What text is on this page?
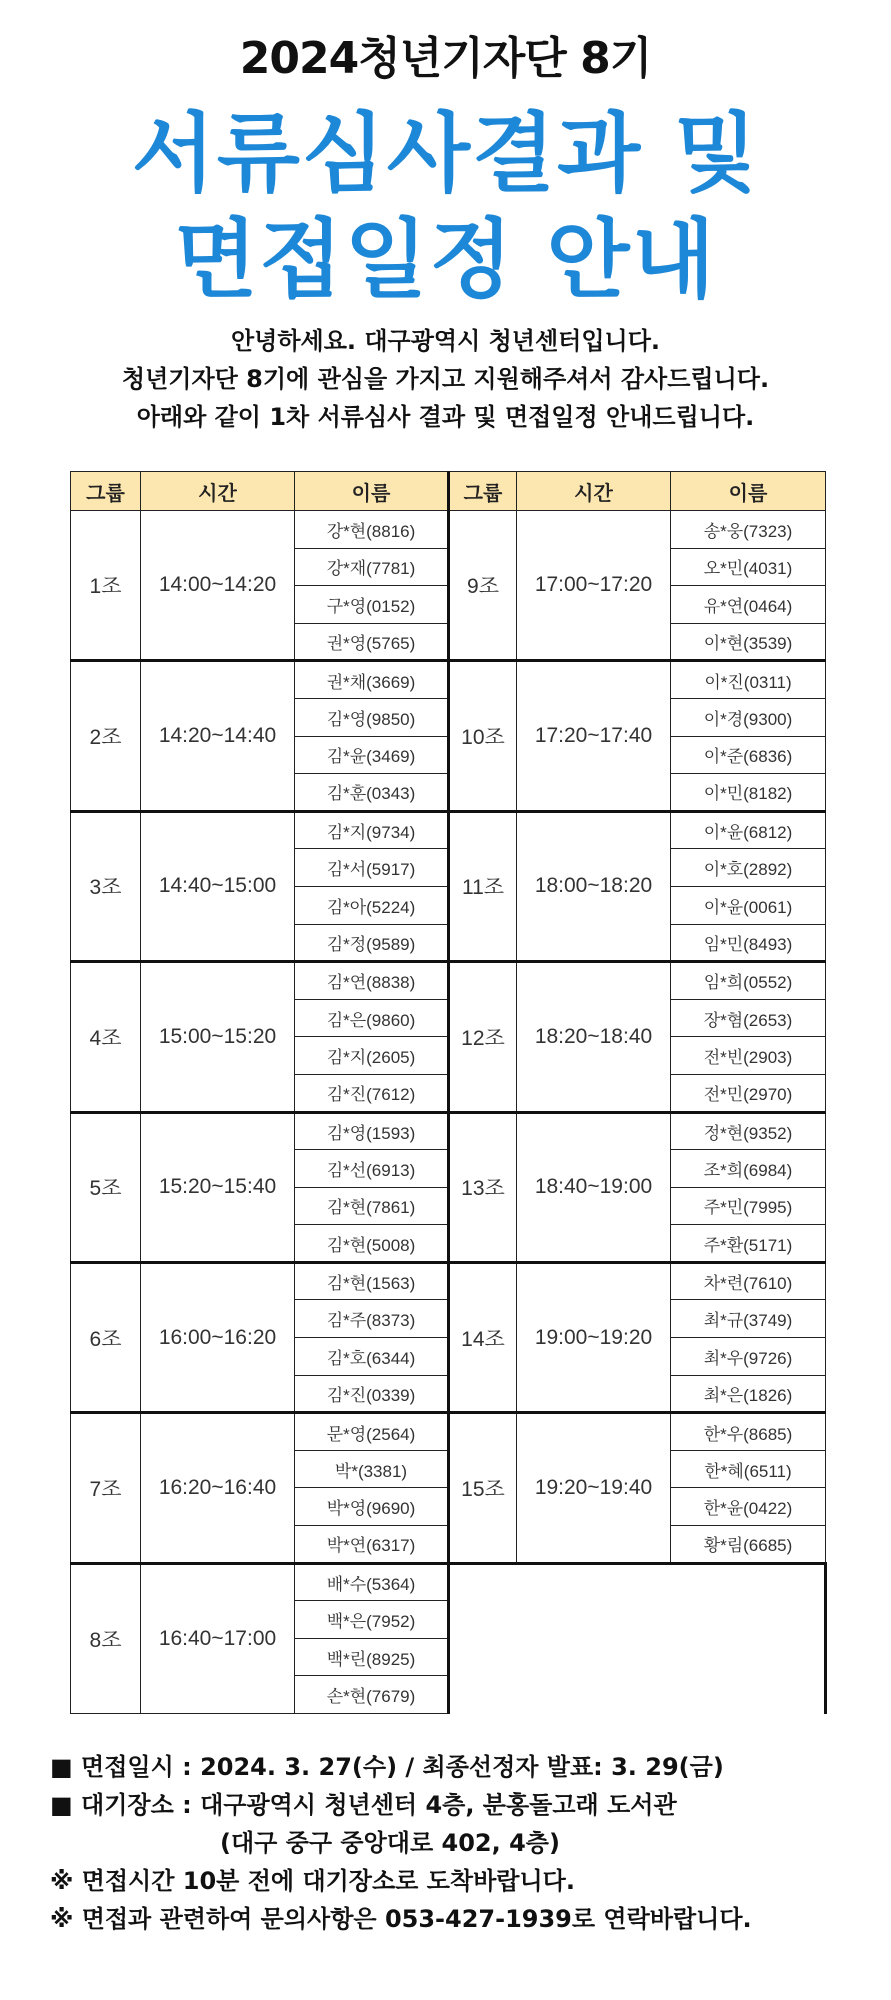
2024청년기자단 8기
서류심사결과 및
면접일정 안내
안녕하세요. 대구광역시 청년센터입니다.
청년기자단 8기에 관심을 가지고 지원해주셔서 감사드립니다.
아래와 같이 1차 서류심사 결과 및 면접일정 안내드립니다.
그룹	시간	이름	그룹	시간	이름
1조	14:00~14:20	강*현(8816)	9조	17:00~17:20	송*웅(7323)
		강*재(7781)			오*민(4031)
		구*영(0152)			유*연(0464)
		권*영(5765)			이*현(3539)
2조	14:20~14:40	권*채(3669)	10조	17:20~17:40	이*진(0311)
		김*영(9850)			이*경(9300)
		김*윤(3469)			이*준(6836)
		김*훈(0343)			이*민(8182)
3조	14:40~15:00	김*지(9734)	11조	18:00~18:20	이*윤(6812)
		김*서(5917)			이*호(2892)
		김*아(5224)			이*윤(0061)
		김*정(9589)			임*민(8493)
4조	15:00~15:20	김*연(8838)	12조	18:20~18:40	임*희(0552)
		김*은(9860)			장*혐(2653)
		김*지(2605)			전*빈(2903)
		김*진(7612)			전*민(2970)
5조	15:20~15:40	김*영(1593)	13조	18:40~19:00	정*현(9352)
		김*선(6913)			조*희(6984)
		김*현(7861)			주*민(7995)
		김*현(5008)			주*환(5171)
6조	16:00~16:20	김*현(1563)	14조	19:00~19:20	차*련(7610)
		김*주(8373)			최*규(3749)
		김*호(6344)			최*우(9726)
		김*진(0339)			최*은(1826)
7조	16:20~16:40	문*영(2564)	15조	19:20~19:40	한*우(8685)
		박*(3381)			한*혜(6511)
		박*영(9690)			한*윤(0422)
		박*연(6317)			황*림(6685)
8조	16:40~17:00	배*수(5364)			
		백*은(7952)			
		백*린(8925)			
		손*현(7679)			
■ 면접일시 : 2024. 3. 27(수) / 최종선정자 발표: 3. 29(금)
■ 대기장소 : 대구광역시 청년센터 4층, 분홍돌고래 도서관
(대구 중구 중앙대로 402, 4층)
※ 면접시간 10분 전에 대기장소로 도착바랍니다.
※ 면접과 관련하여 문의사항은 053-427-1939로 연락바랍니다.
